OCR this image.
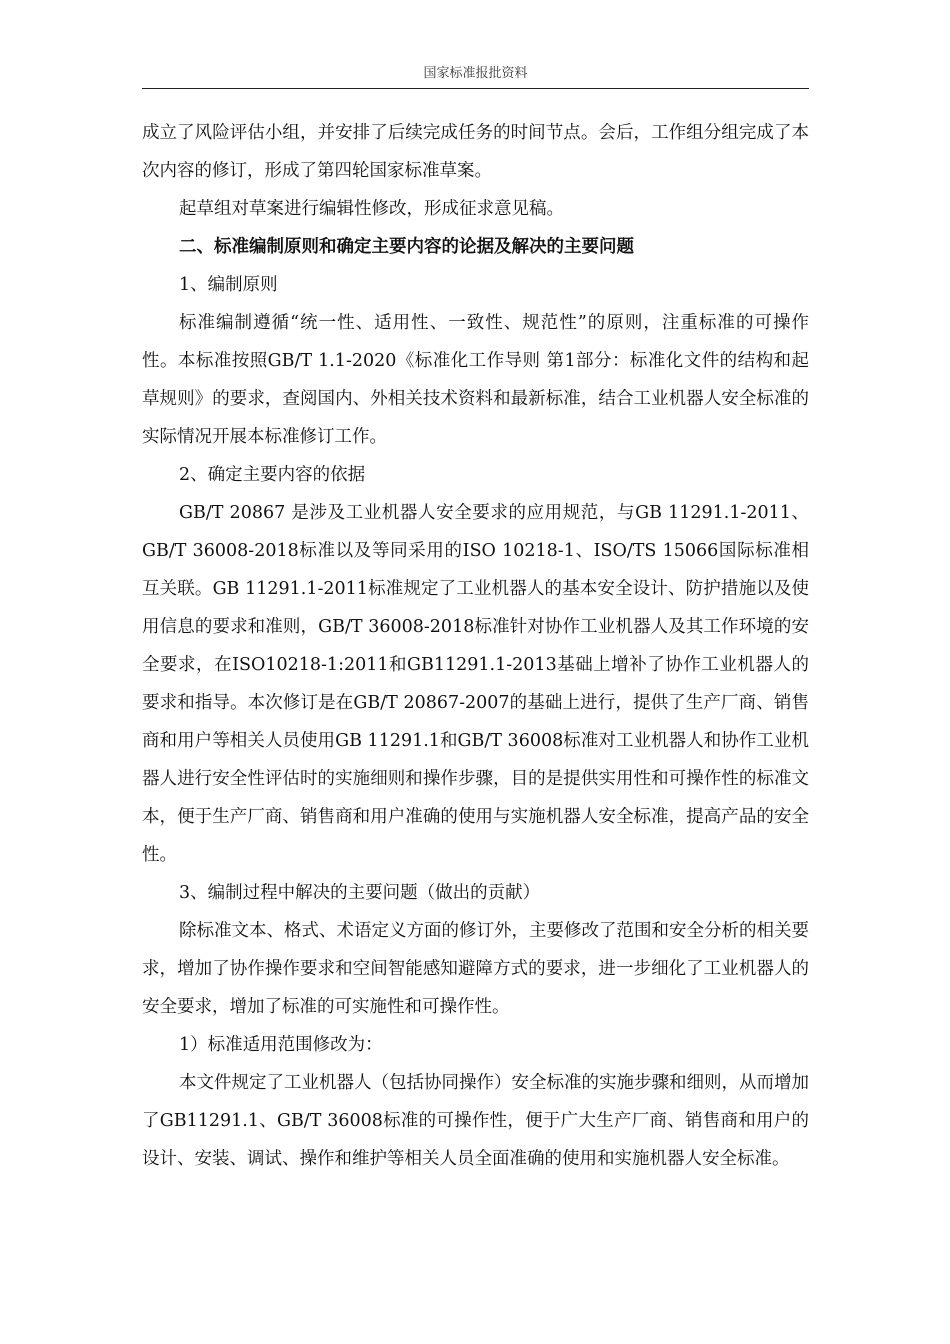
国家标准报批资料

成立了风险评估小组，并安排了后续完成任务的时间节点。会后，工作组分组完成了本次内容的修订，形成了第四轮国家标准草案。

起草组对草案进行编辑性修改，形成征求意见稿。

二、标准编制原则和确定主要内容的论据及解决的主要问题

1、编制原则

标准编制遵循“统一性、适用性、一致性、规范性”的原则，注重标准的可操作性。本标准按照GB/T 1.1-2020《标准化工作导则 第1部分：标准化文件的结构和起草规则》的要求，查阅国内、外相关技术资料和最新标准，结合工业机器人安全标准的实际情况开展本标准修订工作。

2、确定主要内容的依据

GB/T 20867 是涉及工业机器人安全要求的应用规范，与GB 11291.1-2011、GB/T 36008-2018标准以及等同采用的ISO 10218-1、ISO/TS 15066国际标准相互关联。GB 11291.1-2011标准规定了工业机器人的基本安全设计、防护措施以及使用信息的要求和准则，GB/T 36008-2018标准针对协作工业机器人及其工作环境的安全要求，在ISO10218-1:2011和GB11291.1-2013基础上增补了协作工业机器人的要求和指导。本次修订是在GB/T 20867-2007的基础上进行，提供了生产厂商、销售商和用户等相关人员使用GB 11291.1和GB/T 36008标准对工业机器人和协作工业机器人进行安全性评估时的实施细则和操作步骤，目的是提供实用性和可操作性的标准文本，便于生产厂商、销售商和用户准确的使用与实施机器人安全标准，提高产品的安全性。

3、编制过程中解决的主要问题（做出的贡献）

除标准文本、格式、术语定义方面的修订外，主要修改了范围和安全分析的相关要求，增加了协作操作要求和空间智能感知避障方式的要求，进一步细化了工业机器人的安全要求，增加了标准的可实施性和可操作性。

1）标准适用范围修改为：

本文件规定了工业机器人（包括协同操作）安全标准的实施步骤和细则，从而增加了GB11291.1、GB/T 36008标准的可操作性，便于广大生产厂商、销售商和用户的设计、安装、调试、操作和维护等相关人员全面准确的使用和实施机器人安全标准。
